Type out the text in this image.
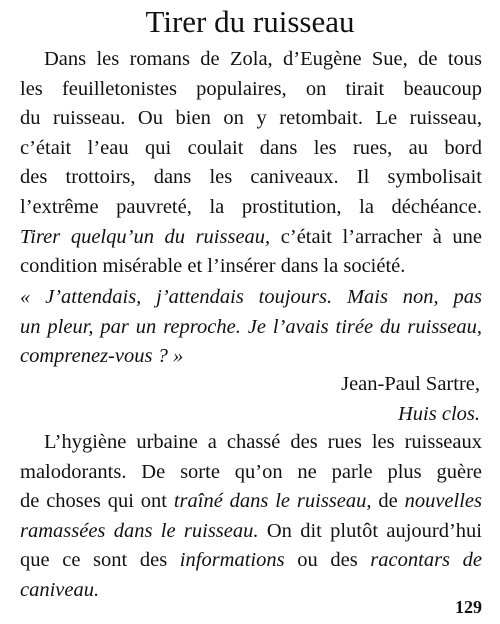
Tirer du ruisseau
Dans les romans de Zola, d’Eugène Sue, de tous
les feuilletonistes populaires, on tirait beaucoup
du ruisseau. Ou bien on y retombait. Le ruisseau,
c’était l’eau qui coulait dans les rues, au bord
des trottoirs, dans les caniveaux. Il symbolisait
l’extrême pauvreté, la prostitution, la déchéance.
Tirer quelqu’un du ruisseau, c’était l’arracher à une
condition misérable et l’insérer dans la société.
« J’attendais, j’attendais toujours. Mais non, pas
un pleur, par un reproche. Je l’avais tirée du ruisseau,
comprenez-vous ? »
Jean-Paul Sartre,
Huis clos.
L’hygiène urbaine a chassé des rues les ruisseaux
malodorants. De sorte qu’on ne parle plus guère
de choses qui ont traîné dans le ruisseau, de nouvelles
ramassées dans le ruisseau. On dit plutôt aujourd’hui
que ce sont des informations ou des racontars de
caniveau.
129
